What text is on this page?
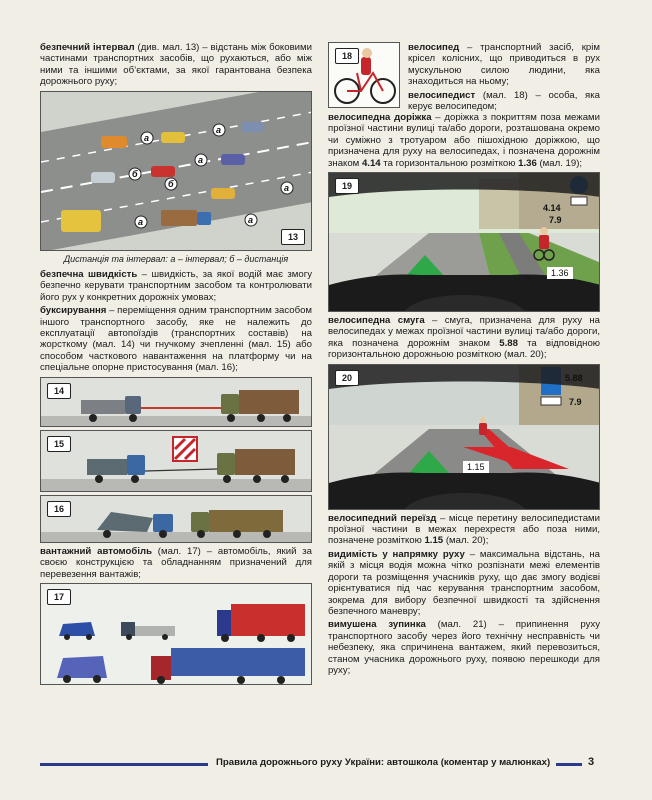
безпечний інтервал (див. мал. 13) – відстань між боковими частинами транспортних засобів, що рухаються, або між ними та іншими об’єктами, за якої гарантована безпека дорожнього руху;

а
а
б
а
б	а
а	а
13
Дистанція та інтервал: а – інтервал; б – дистанція

безпечна швидкість – швидкість, за якої водій має змогу безпечно керувати транспортним засобом та контролювати його рух у конкретних дорожніх умовах;

буксирування – переміщення одним транспортним засобом іншого транспортного засобу, яке не належить до експлуатації автопоїздів (транспортних составів) на жорсткому (мал. 14) чи гнучкому зчепленні (мал. 15) або способом часткового навантаження на платформу чи на спеціальне опорне пристосування (мал. 16);

14
15
16

вантажний автомобіль (мал. 17) – автомобіль, який за своєю конструкцією та обладнанням призначений для перевезення вантажів;

17
18

велосипед – транспортний засіб, крім крісел колісних, що приводиться в рух мускульною силою людини, яка знаходиться на ньому;

велосипедист (мал. 18) – особа, яка керує велосипедом;

велосипедна доріжка – доріжка з покриттям поза межами проїзної частини вулиці та/або дороги, розташована окремо чи суміжно з тротуаром або пішохідною доріжкою, що призначена для руху на велосипедах, і позначена дорожнім знаком 4.14 та горизонтальною розміткою 1.36 (мал. 19);

4.14
7.9
1.36
19

велосипедна смуга – смуга, призначена для руху на велосипедах у межах проїзної частини вулиці та/або дороги, яка позначена дорожнім знаком 5.88 та відповідною горизонтальною дорожньою розміткою (мал. 20);

5.88
7.9
1.15
20

велосипедний переїзд – місце перетину велосипедистами проїзної частини в межах перехрестя або поза ними, позначене розміткою 1.15 (мал. 20);

видимість у напрямку руху – максимальна відстань, на якій з місця водія можна чітко розпізнати межі елементів дороги та розміщення учасників руху, що дає змогу водієві орієнтуватися під час керування транспортним засобом, зокрема для вибору безпечної швидкості та здійснення безпечного маневру;

вимушена зупинка (мал. 21) – припинення руху транспортного засобу через його технічну несправність чи небезпеку, яка спричинена вантажем, який перевозиться, станом учасника дорожнього руху, появою перешкоди для руху;

Правила дорожнього руху України: автошкола (коментар у малюнках)	3
